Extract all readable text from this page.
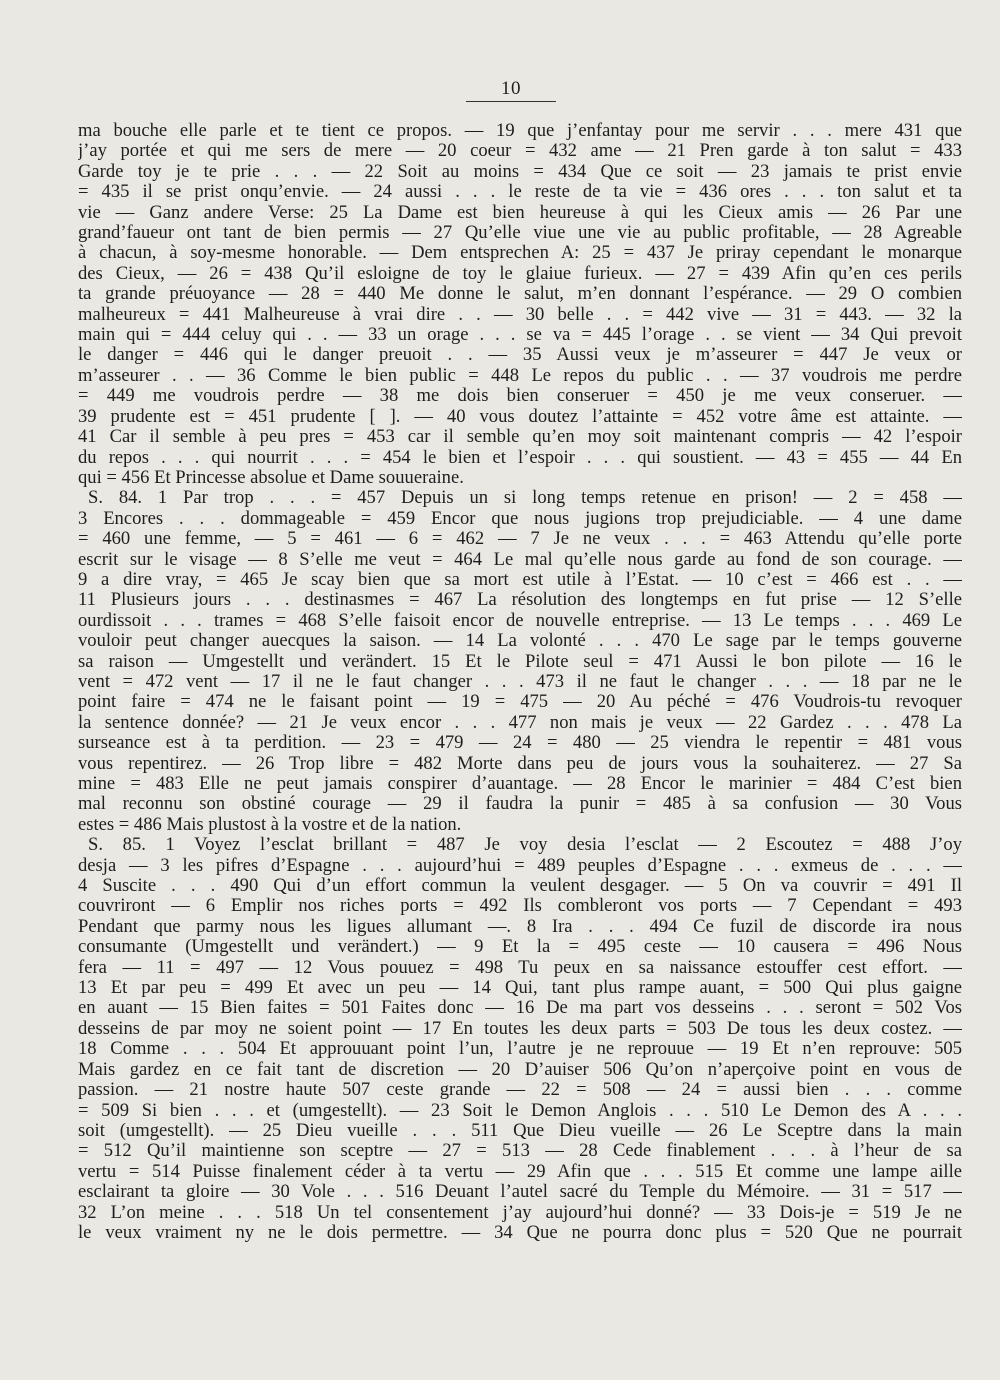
10
ma bouche elle parle et te tient ce propos. — 19 que j’enfantay pour me servir . . . mere 431 que
j’ay portée et qui me sers de mere — 20 coeur = 432 ame — 21 Pren garde à ton salut = 433
Garde toy je te prie . . . — 22 Soit au moins = 434 Que ce soit — 23 jamais te prist envie
= 435 il se prist onqu’envie. — 24 aussi . . . le reste de ta vie = 436 ores . . . ton salut et ta
vie — Ganz andere Verse: 25 La Dame est bien heureuse à qui les Cieux amis — 26 Par une
grand’faueur ont tant de bien permis — 27 Qu’elle viue une vie au public profitable, — 28 Agreable
à chacun, à soy-mesme honorable. — Dem entsprechen A: 25 = 437 Je priray cependant le monarque
des Cieux, — 26 = 438 Qu’il esloigne de toy le glaiue furieux. — 27 = 439 Afin qu’en ces perils
ta grande préuoyance — 28 = 440 Me donne le salut, m’en donnant l’espérance. — 29 O combien
malheureux = 441 Malheureuse à vrai dire . . — 30 belle . . = 442 vive — 31 = 443. — 32 la
main qui = 444 celuy qui . . — 33 un orage . . . se va = 445 l’orage . . se vient — 34 Qui prevoit
le danger = 446 qui le danger preuoit . . — 35 Aussi veux je m’asseurer = 447 Je veux or
m’asseurer . . — 36 Comme le bien public = 448 Le repos du public . . — 37 voudrois me perdre
= 449 me voudrois perdre — 38 me dois bien conseruer = 450 je me veux conseruer. —
39 prudente est = 451 prudente [ ]. — 40 vous doutez l’attainte = 452 votre âme est attainte. —
41 Car il semble à peu pres = 453 car il semble qu’en moy soit maintenant compris — 42 l’espoir
du repos . . . qui nourrit . . . = 454 le bien et l’espoir . . . qui soustient. — 43 = 455 — 44 En
qui = 456 Et Princesse absolue et Dame souueraine.
S. 84. 1 Par trop . . . = 457 Depuis un si long temps retenue en prison! — 2 = 458 —
3 Encores . . . dommageable = 459 Encor que nous jugions trop prejudiciable. — 4 une dame
= 460 une femme, — 5 = 461 — 6 = 462 — 7 Je ne veux . . . = 463 Attendu qu’elle porte
escrit sur le visage — 8 S’elle me veut = 464 Le mal qu’elle nous garde au fond de son courage. —
9 a dire vray, = 465 Je scay bien que sa mort est utile à l’Estat. — 10 c’est = 466 est . . —
11 Plusieurs jours . . . destinasmes = 467 La résolution des longtemps en fut prise — 12 S’elle
ourdissoit . . . trames = 468 S’elle faisoit encor de nouvelle entreprise. — 13 Le temps . . . 469 Le
vouloir peut changer auecques la saison. — 14 La volonté . . . 470 Le sage par le temps gouverne
sa raison — Umgestellt und verändert. 15 Et le Pilote seul = 471 Aussi le bon pilote — 16 le
vent = 472 vent — 17 il ne le faut changer . . . 473 il ne faut le changer . . . — 18 par ne le
point faire = 474 ne le faisant point — 19 = 475 — 20 Au péché = 476 Voudrois-tu revoquer
la sentence donnée? — 21 Je veux encor . . . 477 non mais je veux — 22 Gardez . . . 478 La
surseance est à ta perdition. — 23 = 479 — 24 = 480 — 25 viendra le repentir = 481 vous
vous repentirez. — 26 Trop libre = 482 Morte dans peu de jours vous la souhaiterez. — 27 Sa
mine = 483 Elle ne peut jamais conspirer d’auantage. — 28 Encor le marinier = 484 C’est bien
mal reconnu son obstiné courage — 29 il faudra la punir = 485 à sa confusion — 30 Vous
estes = 486 Mais plustost à la vostre et de la nation.
S. 85. 1 Voyez l’esclat brillant = 487 Je voy desia l’esclat — 2 Escoutez = 488 J’oy
desja — 3 les pifres d’Espagne . . . aujourd’hui = 489 peuples d’Espagne . . . exmeus de . . . —
4 Suscite . . . 490 Qui d’un effort commun la veulent desgager. — 5 On va couvrir = 491 Il
couvriront — 6 Emplir nos riches ports = 492 Ils combleront vos ports — 7 Cependant = 493
Pendant que parmy nous les ligues allumant —. 8 Ira . . . 494 Ce fuzil de discorde ira nous
consumante (Umgestellt und verändert.) — 9 Et la = 495 ceste — 10 causera = 496 Nous
fera — 11 = 497 — 12 Vous pouuez = 498 Tu peux en sa naissance estouffer cest effort. —
13 Et par peu = 499 Et avec un peu — 14 Qui, tant plus rampe auant, = 500 Qui plus gaigne
en auant — 15 Bien faites = 501 Faites donc — 16 De ma part vos desseins . . . seront = 502 Vos
desseins de par moy ne soient point — 17 En toutes les deux parts = 503 De tous les deux costez. —
18 Comme . . . 504 Et approuuant point l’un, l’autre je ne reprouue — 19 Et n’en reprouve: 505
Mais gardez en ce fait tant de discretion — 20 D’auiser 506 Qu’on n’aperçoive point en vous de
passion. — 21 nostre haute 507 ceste grande — 22 = 508 — 24 = aussi bien . . . comme
= 509 Si bien . . . et (umgestellt). — 23 Soit le Demon Anglois . . . 510 Le Demon des A . . .
soit (umgestellt). — 25 Dieu vueille . . . 511 Que Dieu vueille — 26 Le Sceptre dans la main
= 512 Qu’il maintienne son sceptre — 27 = 513 — 28 Cede finablement . . . à l’heur de sa
vertu = 514 Puisse finalement céder à ta vertu — 29 Afin que . . . 515 Et comme une lampe aille
esclairant ta gloire — 30 Vole . . . 516 Deuant l’autel sacré du Temple du Mémoire. — 31 = 517 —
32 L’on meine . . . 518 Un tel consentement j’ay aujourd’hui donné? — 33 Dois-je = 519 Je ne
le veux vraiment ny ne le dois permettre. — 34 Que ne pourra donc plus = 520 Que ne pourrait
